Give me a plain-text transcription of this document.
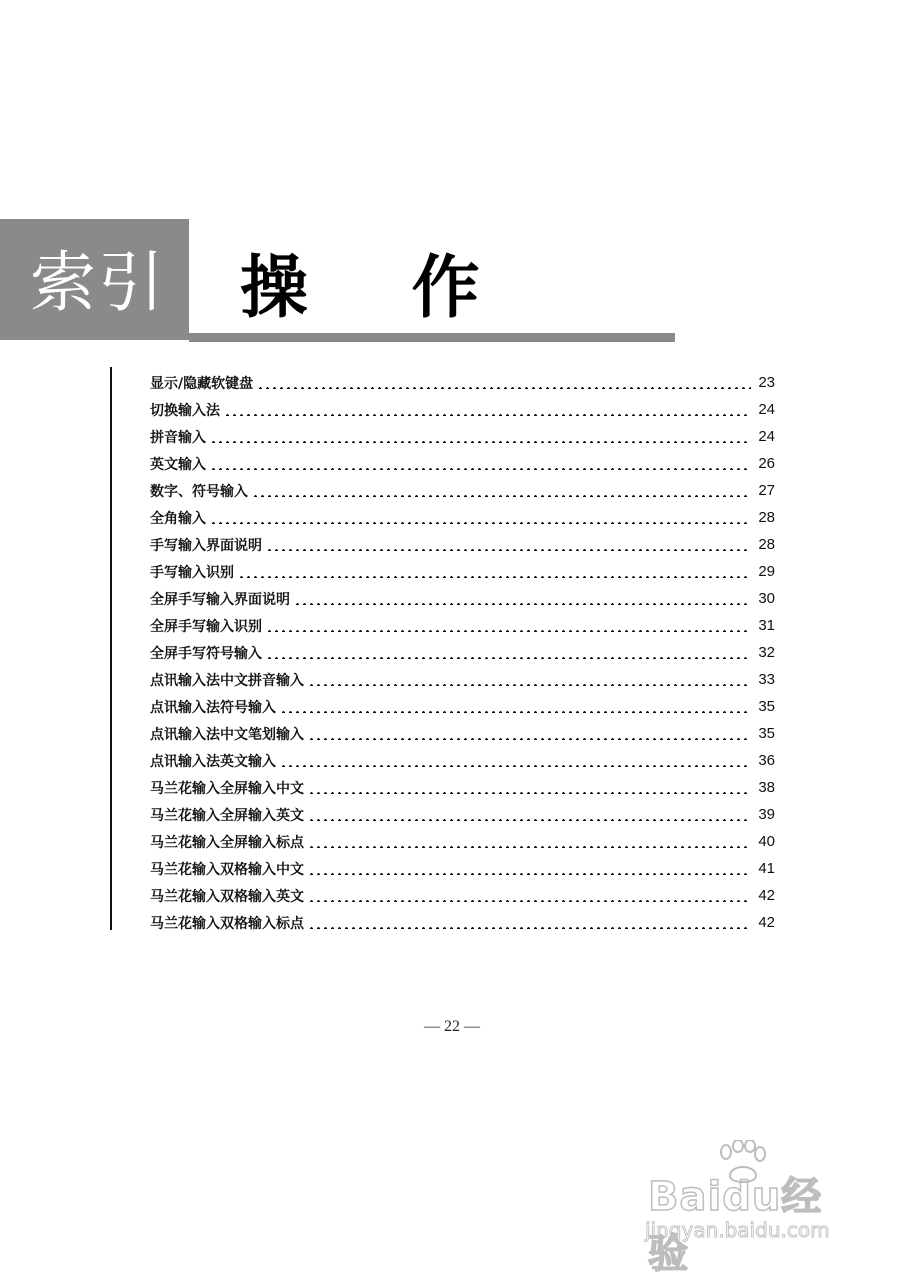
索引 操 作
显示/隐藏软键盘	23
切换输入法	24
拼音输入	24
英文输入	26
数字、符号输入	27
全角输入	28
手写输入界面说明	28
手写输入识别	29
全屏手写输入界面说明	30
全屏手写输入识别	31
全屏手写符号输入	32
点讯输入法中文拼音输入	33
点讯输入法符号输入	35
点讯输入法中文笔划输入	35
点讯输入法英文输入	36
马兰花输入全屏输入中文	38
马兰花输入全屏输入英文	39
马兰花输入全屏输入标点	40
马兰花输入双格输入中文	41
马兰花输入双格输入英文	42
马兰花输入双格输入标点	42
— 22 —
Baidu经验
jingyan.baidu.com
